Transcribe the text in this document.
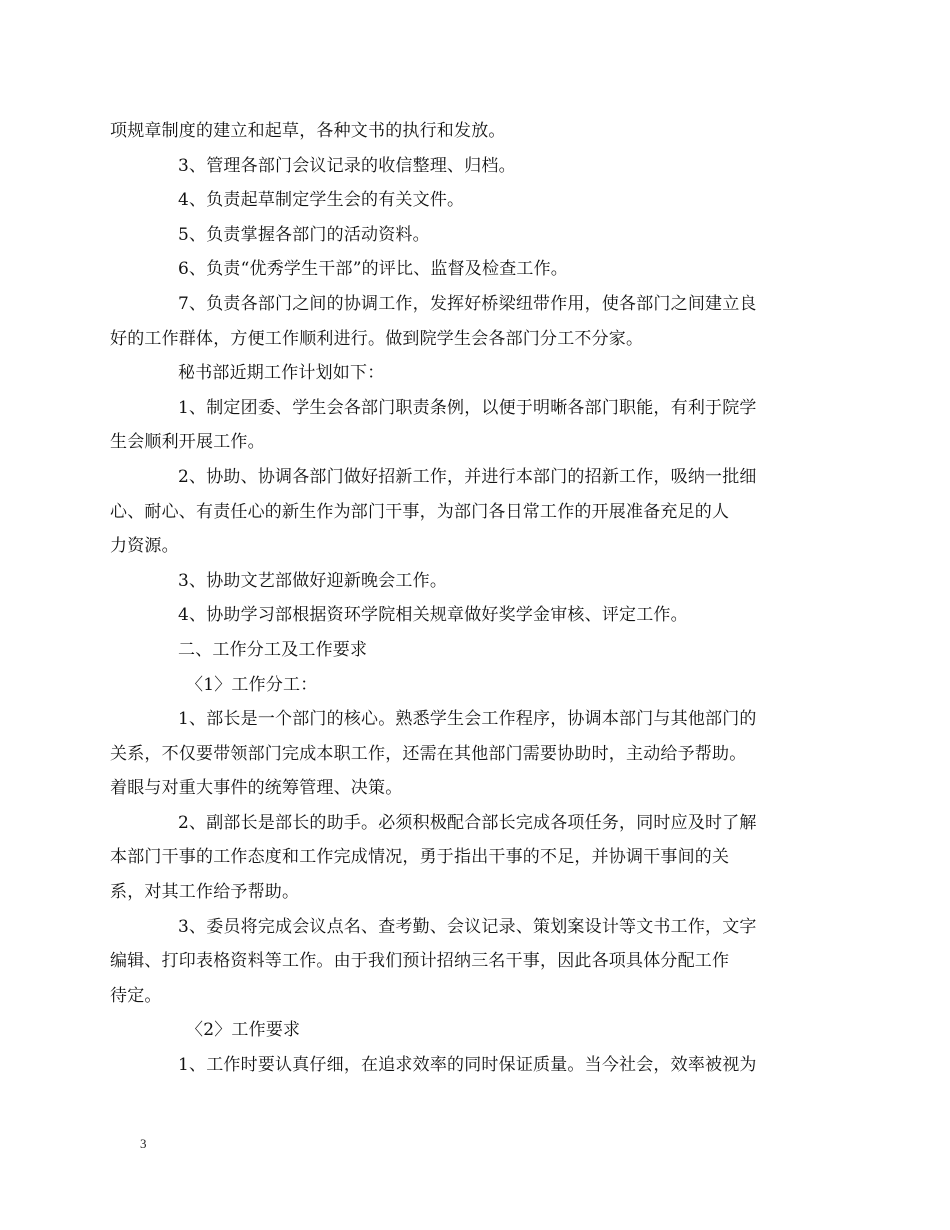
项规章制度的建立和起草，各种文书的执行和发放。
3、管理各部门会议记录的收信整理、归档。
4、负责起草制定学生会的有关文件。
5、负责掌握各部门的活动资料。
6、负责“优秀学生干部”的评比、监督及检查工作。
7、负责各部门之间的协调工作，发挥好桥梁纽带作用，使各部门之间建立良
好的工作群体，方便工作顺利进行。做到院学生会各部门分工不分家。
秘书部近期工作计划如下：
1、制定团委、学生会各部门职责条例，以便于明晰各部门职能，有利于院学
生会顺利开展工作。
2、协助、协调各部门做好招新工作，并进行本部门的招新工作，吸纳一批细
心、耐心、有责任心的新生作为部门干事，为部门各日常工作的开展准备充足的人
力资源。
3、协助文艺部做好迎新晚会工作。
4、协助学习部根据资环学院相关规章做好奖学金审核、评定工作。
二、工作分工及工作要求
〈1〉工作分工：
1、部长是一个部门的核心。熟悉学生会工作程序，协调本部门与其他部门的
关系，不仅要带领部门完成本职工作，还需在其他部门需要协助时，主动给予帮助。
着眼与对重大事件的统筹管理、决策。
2、副部长是部长的助手。必须积极配合部长完成各项任务，同时应及时了解
本部门干事的工作态度和工作完成情况，勇于指出干事的不足，并协调干事间的关
系，对其工作给予帮助。
3、委员将完成会议点名、查考勤、会议记录、策划案设计等文书工作，文字
编辑、打印表格资料等工作。由于我们预计招纳三名干事，因此各项具体分配工作
待定。
〈2〉工作要求
1、工作时要认真仔细，在追求效率的同时保证质量。当今社会，效率被视为
3
